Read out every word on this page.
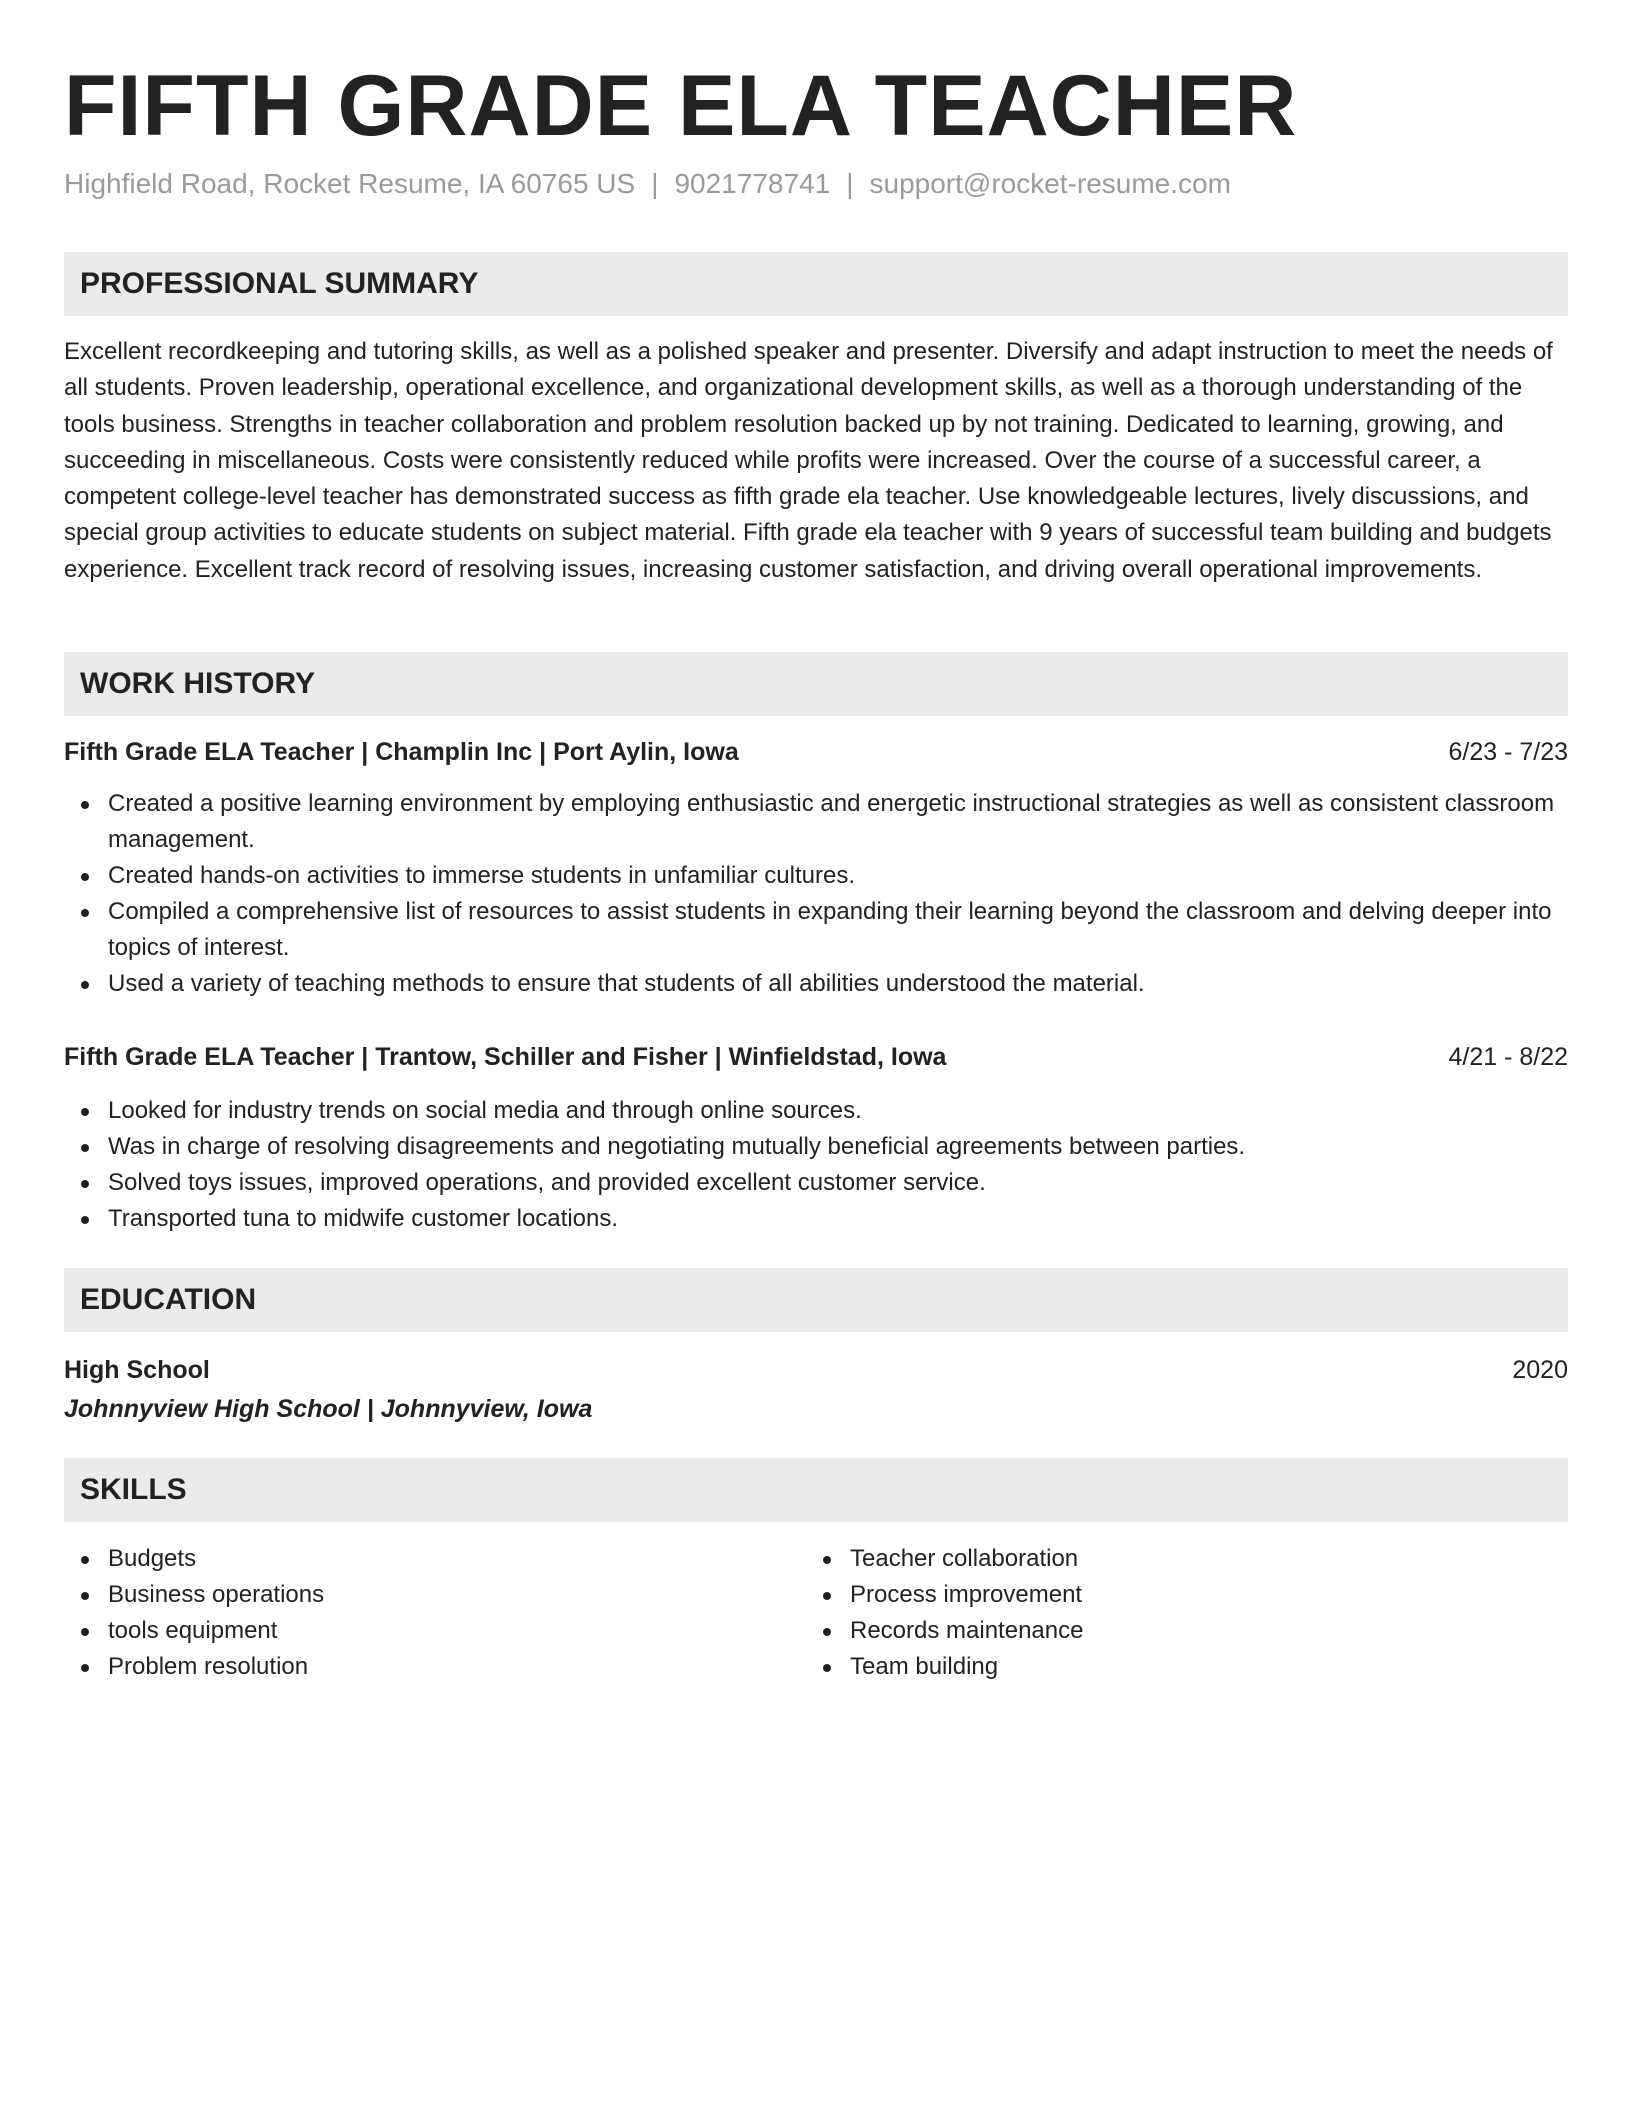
FIFTH GRADE ELA TEACHER
Highfield Road, Rocket Resume, IA 60765 US | 9021778741 | support@rocket-resume.com
PROFESSIONAL SUMMARY

Excellent recordkeeping and tutoring skills, as well as a polished speaker and presenter. Diversify and adapt instruction to meet the needs of all students. Proven leadership, operational excellence, and organizational development skills, as well as a thorough understanding of the tools business. Strengths in teacher collaboration and problem resolution backed up by not training. Dedicated to learning, growing, and succeeding in miscellaneous. Costs were consistently reduced while profits were increased. Over the course of a successful career, a competent college-level teacher has demonstrated success as fifth grade ela teacher. Use knowledgeable lectures, lively discussions, and special group activities to educate students on subject material. Fifth grade ela teacher with 9 years of successful team building and budgets experience. Excellent track record of resolving issues, increasing customer satisfaction, and driving overall operational improvements.

WORK HISTORY
Fifth Grade ELA Teacher | Champlin Inc | Port Aylin, Iowa	6/23 - 7/23
Created a positive learning environment by employing enthusiastic and energetic instructional strategies as well as consistent classroom management.
Created hands-on activities to immerse students in unfamiliar cultures.
Compiled a comprehensive list of resources to assist students in expanding their learning beyond the classroom and delving deeper into topics of interest.
Used a variety of teaching methods to ensure that students of all abilities understood the material.
Fifth Grade ELA Teacher | Trantow, Schiller and Fisher | Winfieldstad, Iowa	4/21 - 8/22
Looked for industry trends on social media and through online sources.
Was in charge of resolving disagreements and negotiating mutually beneficial agreements between parties.
Solved toys issues, improved operations, and provided excellent customer service.
Transported tuna to midwife customer locations.
EDUCATION
High School	2020
Johnnyview High School | Johnnyview, Iowa
SKILLS
Budgets
Business operations
tools equipment
Problem resolution
Teacher collaboration
Process improvement
Records maintenance
Team building
